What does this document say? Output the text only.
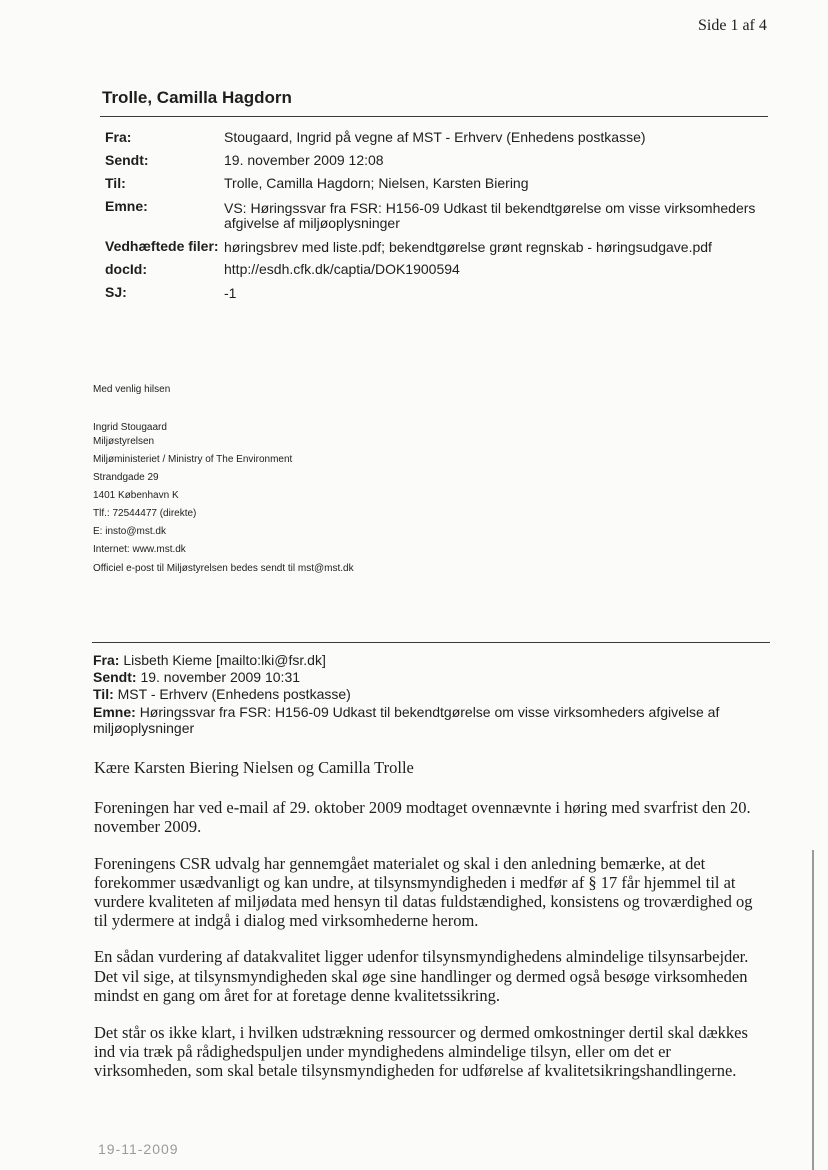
Side 1 af 4
Trolle, Camilla Hagdorn
Fra:	Stougaard, Ingrid på vegne af MST - Erhverv (Enhedens postkasse)
Sendt:	19. november 2009 12:08
Til:	Trolle, Camilla Hagdorn; Nielsen, Karsten Biering
Emne:	VS: Høringssvar fra FSR: H156-09 Udkast til bekendtgørelse om visse virksomheders
afgivelse af miljøoplysninger
Vedhæftede filer: høringsbrev med liste.pdf; bekendtgørelse grønt regnskab - høringsudgave.pdf
docId:	http://esdh.cfk.dk/captia/DOK1900594
SJ:	-1
Med venlig hilsen
Ingrid Stougaard
Miljøstyrelsen
Miljøministeriet / Ministry of The Environment
Strandgade 29
1401 København K
Tlf.: 72544477 (direkte)
E: insto@mst.dk
Internet: www.mst.dk
Officiel e-post til Miljøstyrelsen bedes sendt til mst@mst.dk
Fra: Lisbeth Kieme [mailto:lki@fsr.dk]
Sendt: 19. november 2009 10:31
Til: MST - Erhverv (Enhedens postkasse)
Emne: Høringssvar fra FSR: H156-09 Udkast til bekendtgørelse om visse virksomheders afgivelse af
miljøoplysninger
Kære Karsten Biering Nielsen og Camilla Trolle
Foreningen har ved e-mail af 29. oktober 2009 modtaget ovennævnte i høring med svarfrist den 20.
november 2009.
Foreningens CSR udvalg har gennemgået materialet og skal i den anledning bemærke, at det
forekommer usædvanligt og kan undre, at tilsynsmyndigheden i medfør af § 17 får hjemmel til at
vurdere kvaliteten af miljødata med hensyn til datas fuldstændighed, konsistens og troværdighed og
til ydermere at indgå i dialog med virksomhederne herom.
En sådan vurdering af datakvalitet ligger udenfor tilsynsmyndighedens almindelige tilsynsarbejder.
Det vil sige, at tilsynsmyndigheden skal øge sine handlinger og dermed også besøge virksomheden
mindst en gang om året for at foretage denne kvalitetssikring.
Det står os ikke klart, i hvilken udstrækning ressourcer og dermed omkostninger dertil skal dækkes
ind via træk på rådighedspuljen under myndighedens almindelige tilsyn, eller om det er
virksomheden, som skal betale tilsynsmyndigheden for udførelse af kvalitetsikringshandlingerne.
19-11-2009
